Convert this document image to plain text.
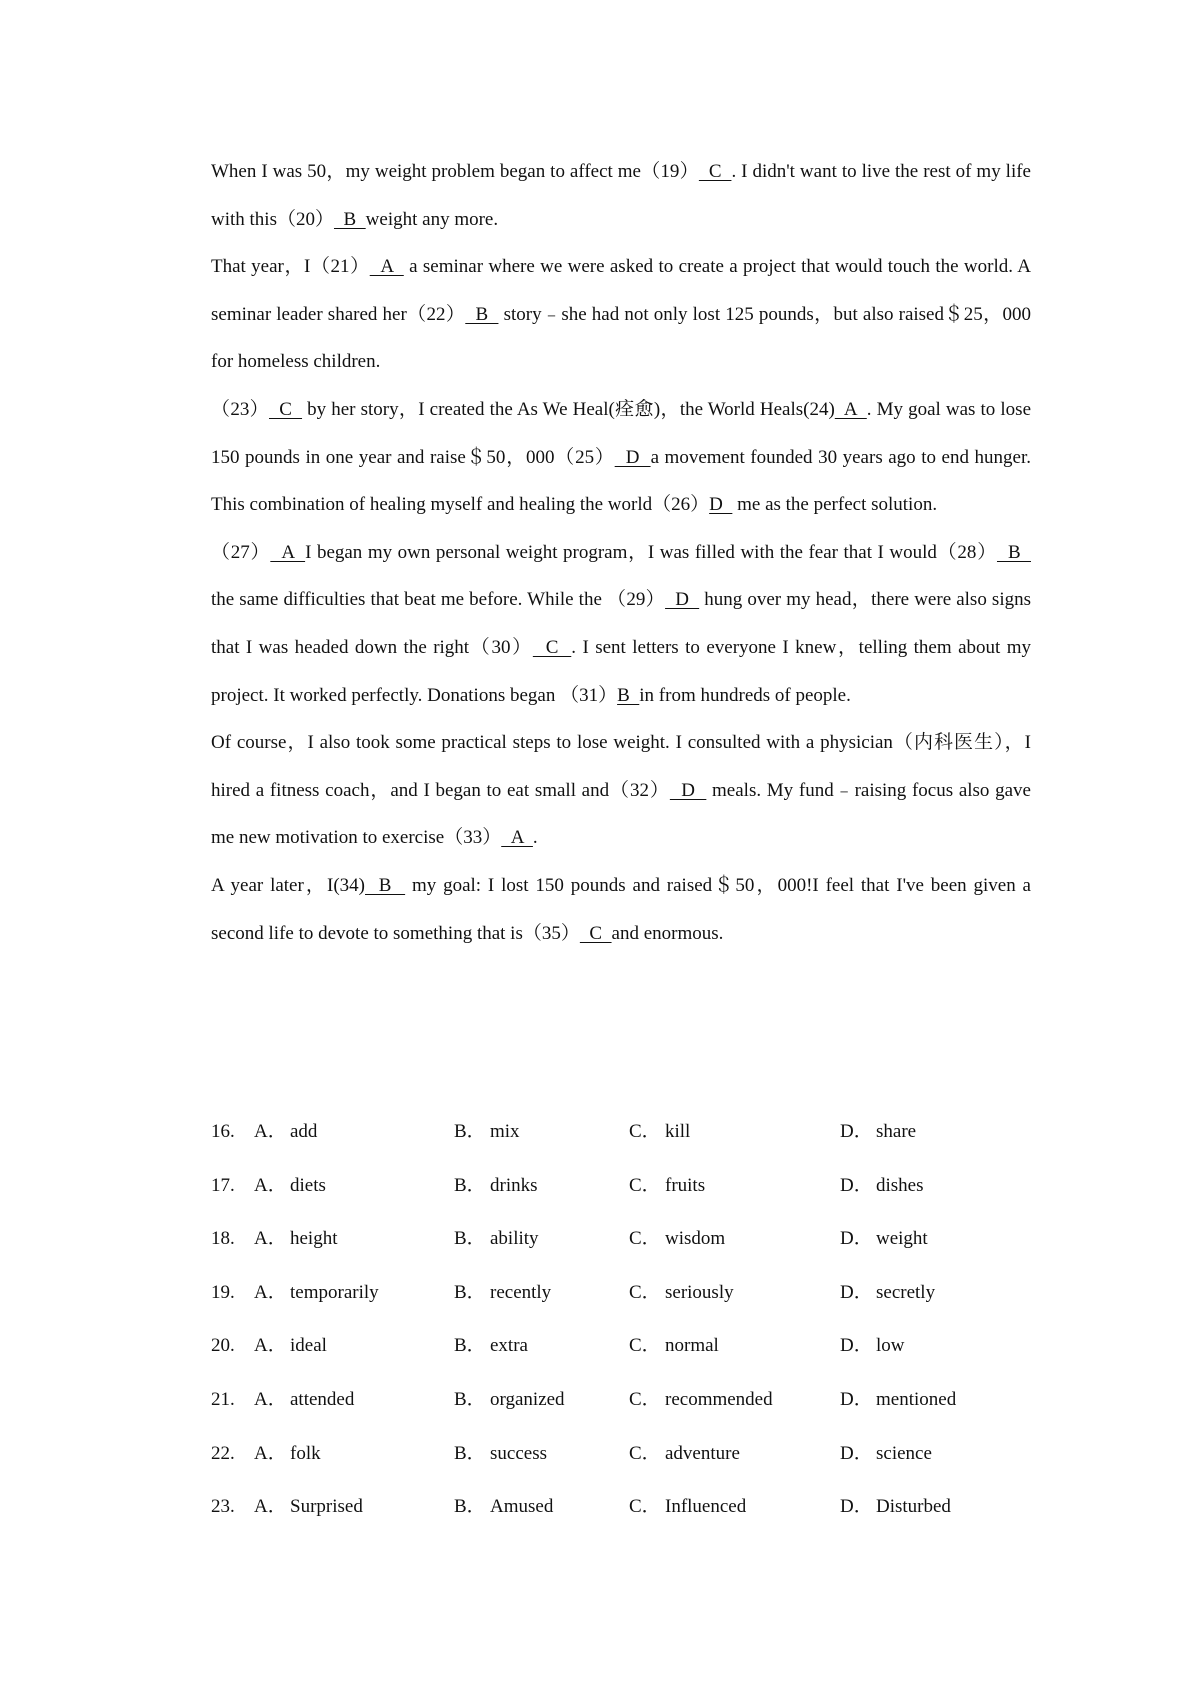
When I was 50，my weight problem began to affect me（19）  C  . I didn't want to live the rest of my life with this（20）  B  weight any more.

That year，I（21）  A   a seminar where we were asked to create a project that would touch the world. A seminar leader shared her（22）  B   story﹣she had not only lost 125 pounds，but also raised＄25，000 for homeless children.

（23）  C   by her story，I created the As We Heal(痊愈)，the World Heals(24)  A  . My goal was to lose 150 pounds in one year and raise＄50，000（25）  D  a movement founded 30 years ago to end hunger. This combination of healing myself and healing the world（26）D   me as the perfect solution.

（27）  A  I began my own personal weight program，I was filled with the fear that I would（28）  B   the same difficulties that beat me before. While the （29）  D   hung over my head，there were also signs that I was headed down the right（30）  C  . I sent letters to everyone I knew，telling them about my project. It worked perfectly. Donations began （31）B  in from hundreds of people.

Of course，I also took some practical steps to lose weight. I consulted with a physician（内科医生），I hired a fitness coach，and I began to eat small and（32）  D   meals. My fund﹣raising focus also gave me new motivation to exercise（33）  A  .

A year later，I(34)  B   my goal: I lost 150 pounds and raised＄50，000!I feel that I've been given a second life to devote to something that is（35）  C  and enormous.

16. A． add	B． mix	C． kill	D． share
17. A． diets	B． drinks	C． fruits	D． dishes
18. A． height	B． ability	C． wisdom	D． weight
19. A． temporarily	B． recently	C． seriously	D． secretly
20. A． ideal	B． extra	C． normal	D． low
21. A． attended	B． organized	C． recommended	D． mentioned
22. A． folk	B． success	C． adventure	D． science
23. A． Surprised	B． Amused	C． Influenced	D． Disturbed
